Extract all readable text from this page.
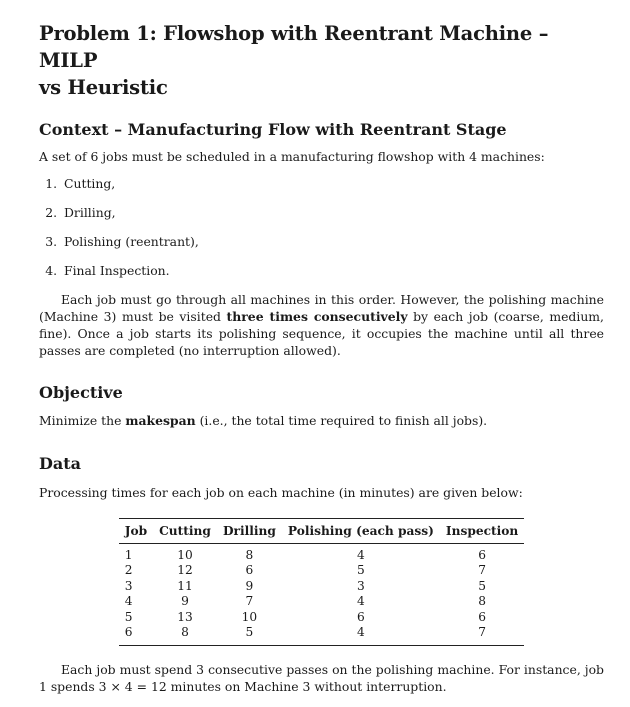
Problem 1: Flowshop with Reentrant Machine – MILP
vs Heuristic
Context – Manufacturing Flow with Reentrant Stage

A set of 6 jobs must be scheduled in a manufacturing flowshop with 4 machines:

1. Cutting,
2. Drilling,
3. Polishing (reentrant),
4. Final Inspection.

Each job must go through all machines in this order. However, the polishing machine (Machine 3) must be visited three times consecutively by each job (coarse, medium, fine). Once a job starts its polishing sequence, it occupies the machine until all three passes are completed (no interruption allowed).

Objective

Minimize the makespan (i.e., the total time required to finish all jobs).

Data

Processing times for each job on each machine (in minutes) are given below:

Job	Cutting	Drilling	Polishing (each pass)	Inspection
1	10	8	4	6
2	12	6	5	7
3	11	9	3	5
4	9	7	4	8
5	13	10	6	6
6	8	5	4	7

Each job must spend 3 consecutive passes on the polishing machine. For instance, job 1 spends 3 × 4 = 12 minutes on Machine 3 without interruption.
